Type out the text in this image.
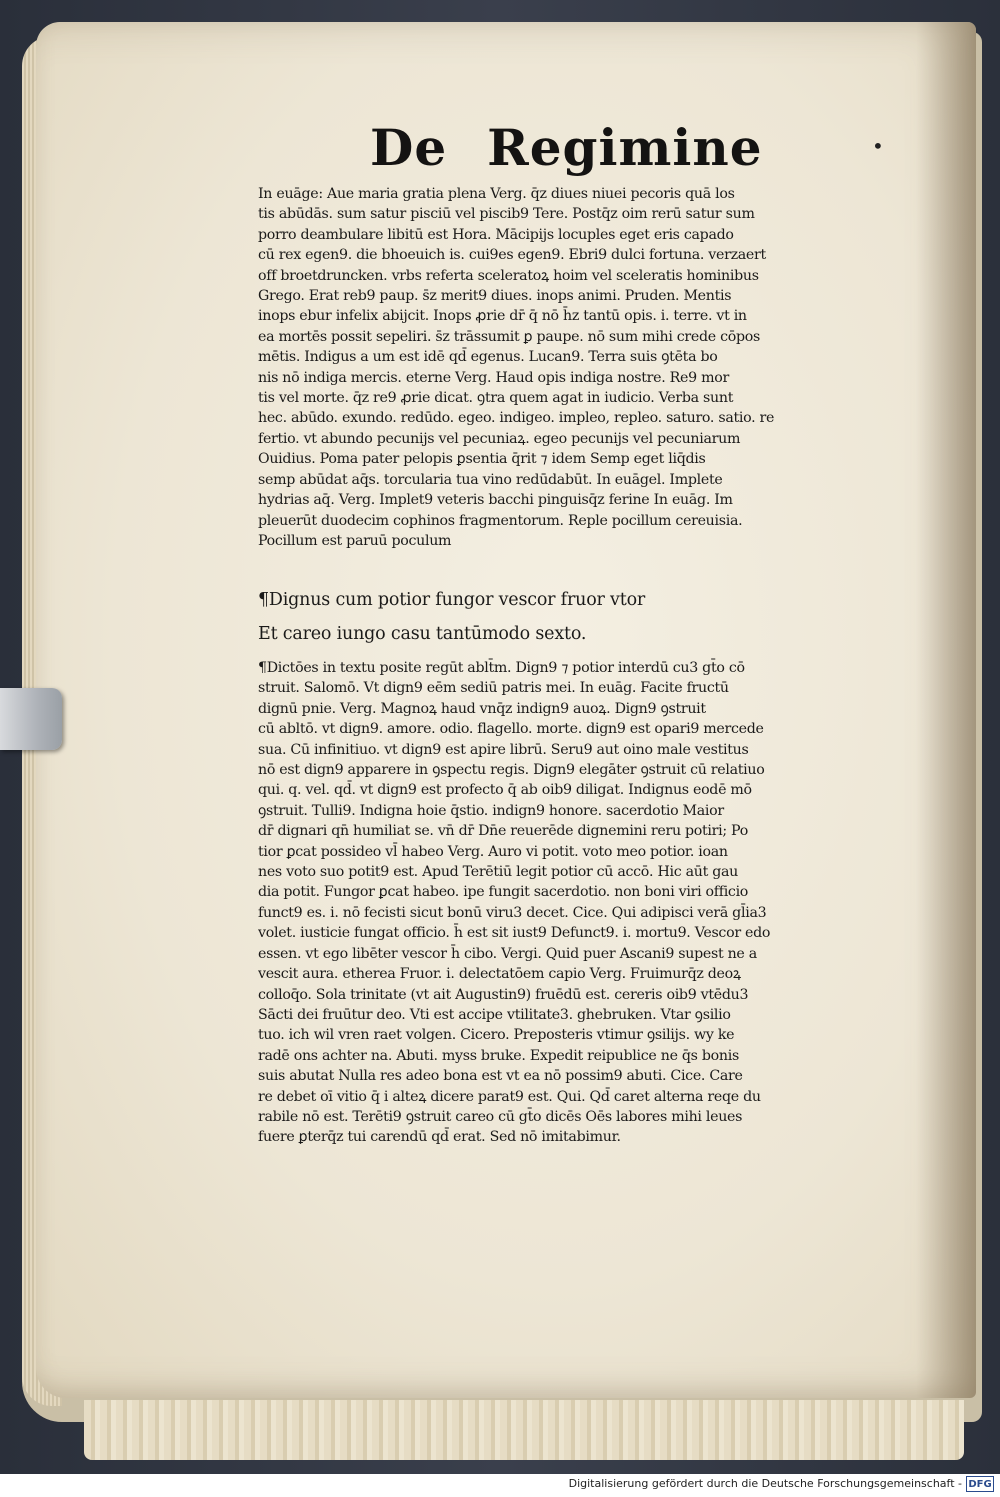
De Regimine	•
In euāge: Aue maria gratia plena Verg. q̄z diues niuei pecoris quā los
tis abūdās. sum satur pisciū vel piscib9 Tere. Postq̄z oim rerū satur sum
porro deambulare libitū est Hora. Mācipijs locuples eget eris capado
cū rex egen9. die bhoeuich is. cui9es egen9. Ebri9 dulci fortuna. verzaert
off broetdruncken. vrbs referta sceleratoꝝ hoim vel sceleratis hominibus
Grego. Erat reb9 paup. s̄z merit9 diues. inops animi. Pruden. Mentis
inops ebur infelix abijcit. Inops ꝓrie dr̄ q̄ nō h̄z tantū opis. i. terre. vt in
ea mortēs possit sepeliri. s̄z trāssumit ꝑ paupe. nō sum mihi crede cōpos
mētis. Indigus a um est idē qd̄ egenus. Lucan9. Terra suis ꝯtēta bo
nis nō indiga mercis. eterne Verg. Haud opis indiga nostre. Re9 mor
tis vel morte. q̄z re9 ꝓrie dicat. ꝯtra quem agat in iudicio. Verba sunt
hec. abūdo. exundo. redūdo. egeo. indigeo. impleo, repleo. saturo. satio. re
fertio. vt abundo pecunijs vel pecuniaꝝ. egeo pecunijs vel pecuniarum
Ouidius. Poma pater pelopis ꝑsentia q̄rit ⁊ idem Semp eget liq̄dis
semp abūdat aq̄s. torcularia tua vino redūdabūt. In euāgel. Implete
hydrias aq̄. Verg. Implet9 veteris bacchi pinguisq̄z ferine In euāg. Im
pleuerūt duodecim cophinos fragmentorum. Reple pocillum cereuisia.
Pocillum est paruū poculum
¶Dignus cum potior fungor vescor fruor vtor
Et careo iungo casu tantūmodo sexto.
¶Dictōes in textu posite regūt ablt̄m. Dign9 ⁊ potior interdū cu3 gt̄o cō
struit. Salomō. Vt dign9 eēm sediū patris mei. In euāg. Facite fructū
dignū pnie. Verg. Magnoꝝ haud vnq̄z indign9 auoꝝ. Dign9 ꝯstruit
cū abltō. vt dign9. amore. odio. flagello. morte. dign9 est opari9 mercede
sua. Cū infinitiuo. vt dign9 est apire librū. Seru9 aut oino male vestitus
nō est dign9 apparere in ꝯspectu regis. Dign9 elegāter ꝯstruit cū relatiuo
qui. q. vel. qd̄. vt dign9 est profecto q̄ ab oib9 diligat. Indignus eodē mō
ꝯstruit. Tulli9. Indigna hoie q̄stio. indign9 honore. sacerdotio Maior
dr̄ dignari qn̄ humiliat se. vn̄ dr̄ Dn̄e reuerēde dignemini reru potiri; Po
tior ꝑcat possideo vl̄ habeo Verg. Auro vi potit. voto meo potior. ioan
nes voto suo potit9 est. Apud Terētiū legit potior cū accō. Hic aūt gau
dia potit. Fungor ꝑcat habeo. ipe fungit sacerdotio. non boni viri officio
funct9 es. i. nō fecisti sicut bonū viru3 decet. Cice. Qui adipisci verā gl̄ia3
volet. iusticie fungat officio. h̄ est sit iust9 Defunct9. i. mortu9. Vescor edo
essen. vt ego libēter vescor h̄ cibo. Vergi. Quid puer Ascani9 supest ne a
vescit aura. etherea Fruor. i. delectatōem capio Verg. Fruimurq̄z deoꝝ
colloq̄o. Sola trinitate (vt ait Augustin9) fruēdū est. cereris oib9 vtēdu3
Sācti dei fruūtur deo. Vti est accipe vtilitate3. ghebruken. Vtar ꝯsilio
tuo. ich wil vren raet volgen. Cicero. Preposteris vtimur ꝯsilijs. wy ke
radē ons achter na. Abuti. myss bruke. Expedit reipublice ne q̄s bonis
suis abutat Nulla res adeo bona est vt ea nō possim9 abuti. Cice. Care
re debet oī vitio q̄ i alteꝝ dicere parat9 est. Qui. Qd̄ caret alterna reqe du
rabile nō est. Terēti9 ꝯstruit careo cū gt̄o dicēs Oēs labores mihi leues
fuere ꝑterq̄z tui carendū qd̄ erat. Sed nō imitabimur.
Digitalisierung gefördert durch die Deutsche Forschungsgemeinschaft - DFG
